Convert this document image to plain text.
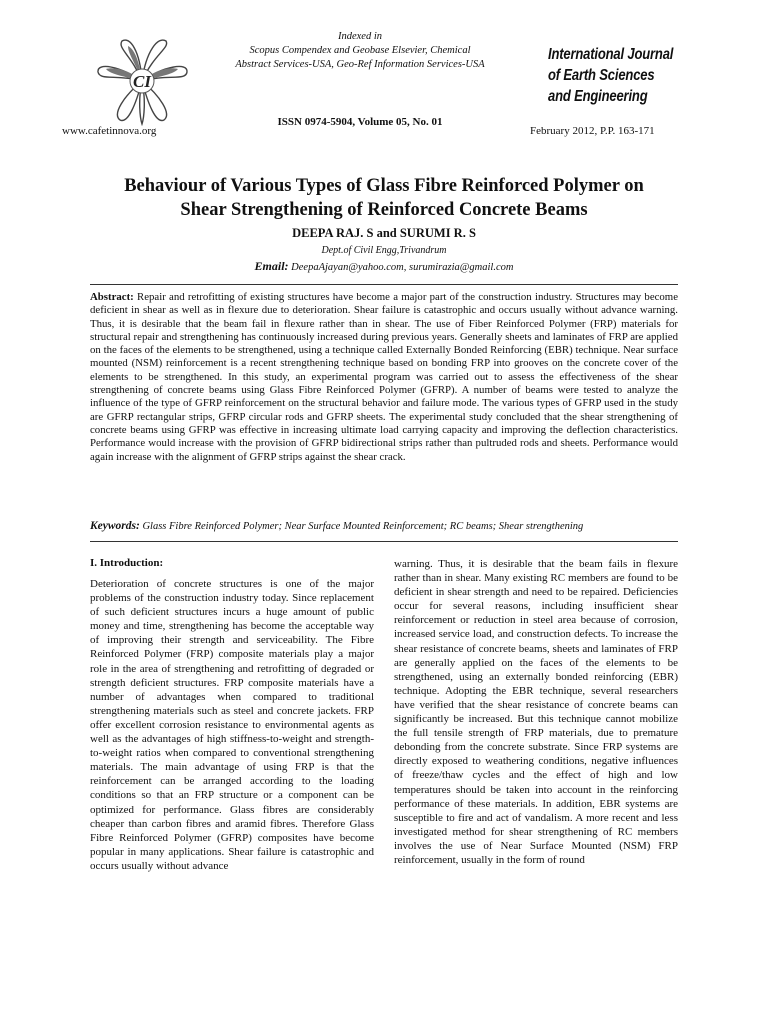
CI
www.cafetinnova.org
Indexed in
Scopus Compendex and Geobase Elsevier, Chemical
Abstract Services-USA, Geo-Ref Information Services-USA
ISSN 0974-5904, Volume 05, No. 01
International Journal
of Earth Sciences
and Engineering
February 2012, P.P. 163-171
Behaviour of Various Types of Glass Fibre Reinforced Polymer on
Shear Strengthening of Reinforced Concrete Beams
DEEPA RAJ. S and SURUMI R. S
Dept.of Civil Engg,Trivandrum
Email: DeepaAjayan@yahoo.com, surumirazia@gmail.com
Abstract: Repair and retrofitting of existing structures have become a major part of the construction industry. Structures may become deficient in shear as well as in flexure due to deterioration. Shear failure is catastrophic and occurs usually without advance warning. Thus, it is desirable that the beam fail in flexure rather than in shear. The use of Fiber Reinforced Polymer (FRP) materials for structural repair and strengthening has continuously increased during previous years. Generally sheets and laminates of FRP are applied on the faces of the elements to be strengthened, using a technique called Externally Bonded Reinforcing (EBR) technique. Near surface mounted (NSM) reinforcement is a recent strengthening technique based on bonding FRP into grooves on the concrete cover of the elements to be strengthened. In this study, an experimental program was carried out to assess the effectiveness of the shear strengthening of concrete beams using Glass Fibre Reinforced Polymer (GFRP). A number of beams were tested to analyze the influence of the type of GFRP reinforcement on the structural behavior and failure mode. The various types of GFRP used in the study are GFRP rectangular strips, GFRP circular rods and GFRP sheets. The experimental study concluded that the shear strengthening of concrete beams using GFRP was effective in increasing ultimate load carrying capacity and improving the deflection characteristics. Performance would increase with the provision of GFRP bidirectional strips rather than pultruded rods and sheets. Performance would again increase with the alignment of GFRP strips against the shear crack.
Keywords: Glass Fibre Reinforced Polymer; Near Surface Mounted Reinforcement; RC beams; Shear strengthening
I. Introduction:
Deterioration of concrete structures is one of the major problems of the construction industry today. Since replacement of such deficient structures incurs a huge amount of public money and time, strengthening has become the acceptable way of improving their strength and serviceability. The Fibre Reinforced Polymer (FRP) composite materials play a major role in the area of strengthening and retrofitting of degraded or strength deficient structures. FRP composite materials have a number of advantages when compared to traditional strengthening materials such as steel and concrete jackets. FRP offer excellent corrosion resistance to environmental agents as well as the advantages of high stiffness-to-weight and strength-to-weight ratios when compared to conventional strengthening materials. The main advantage of using FRP is that the reinforcement can be arranged according to the loading conditions so that an FRP structure or a component can be optimized for performance. Glass fibres are considerably cheaper than carbon fibres and aramid fibres. Therefore Glass Fibre Reinforced Polymer (GFRP) composites have become popular in many applications. Shear failure is catastrophic and occurs usually without advance
warning. Thus, it is desirable that the beam fails in flexure rather than in shear. Many existing RC members are found to be deficient in shear strength and need to be repaired. Deficiencies occur for several reasons, including insufficient shear reinforcement or reduction in steel area because of corrosion, increased service load, and construction defects. To increase the shear resistance of concrete beams, sheets and laminates of FRP are generally applied on the faces of the elements to be strengthened, using an externally bonded reinforcing (EBR) technique. Adopting the EBR technique, several researchers have verified that the shear resistance of concrete beams can significantly be increased. But this technique cannot mobilize the full tensile strength of FRP materials, due to premature debonding from the concrete substrate. Since FRP systems are directly exposed to weathering conditions, negative influences of freeze/thaw cycles and the effect of high and low temperatures should be taken into account in the reinforcing performance of these materials. In addition, EBR systems are susceptible to fire and act of vandalism. A more recent and less investigated method for shear strengthening of RC members involves the use of Near Surface Mounted (NSM) FRP reinforcement, usually in the form of round
